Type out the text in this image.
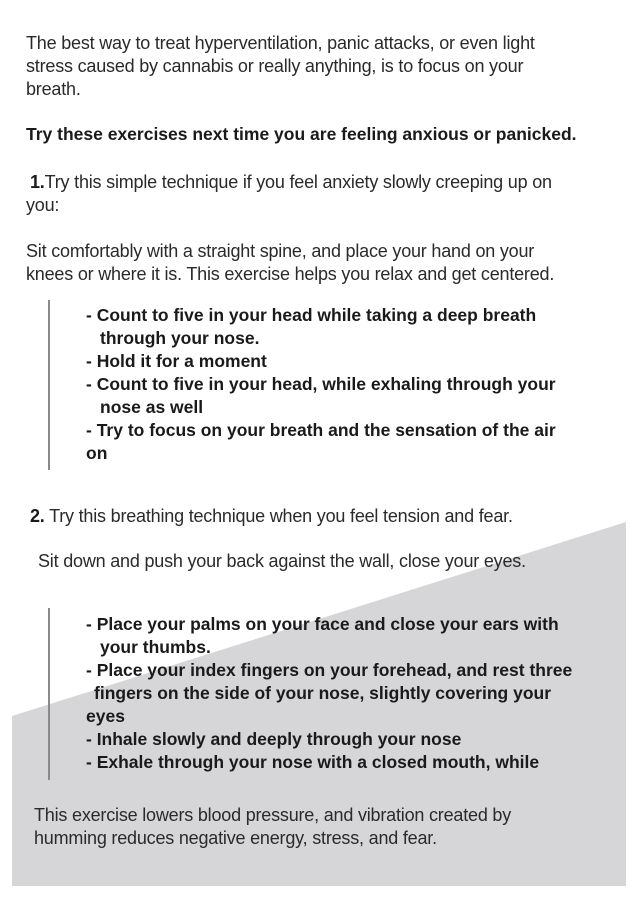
The best way to treat hyperventilation, panic attacks, or even light

stress caused by cannabis or really anything, is to focus on your

breath.

Try these exercises next time you are feeling anxious or panicked.

1.Try this simple technique if you feel anxiety slowly creeping up on

you:

Sit comfortably with a straight spine, and place your hand on your

knees or where it is. This exercise helps you relax and get centered.

- Count to five in your head while taking a deep breath
through your nose.
- Hold it for a moment
- Count to five in your head, while exhaling through your
nose as well
- Try to focus on your breath and the sensation of the air
on

2. Try this breathing technique when you feel tension and fear.

Sit down and push your back against the wall, close your eyes.

- Place your palms on your face and close your ears with
your thumbs.
- Place your index fingers on your forehead, and rest three
fingers on the side of your nose, slightly covering your
eyes
- Inhale slowly and deeply through your nose
- Exhale through your nose with a closed mouth, while

This exercise lowers blood pressure, and vibration created by

humming reduces negative energy, stress, and fear.
